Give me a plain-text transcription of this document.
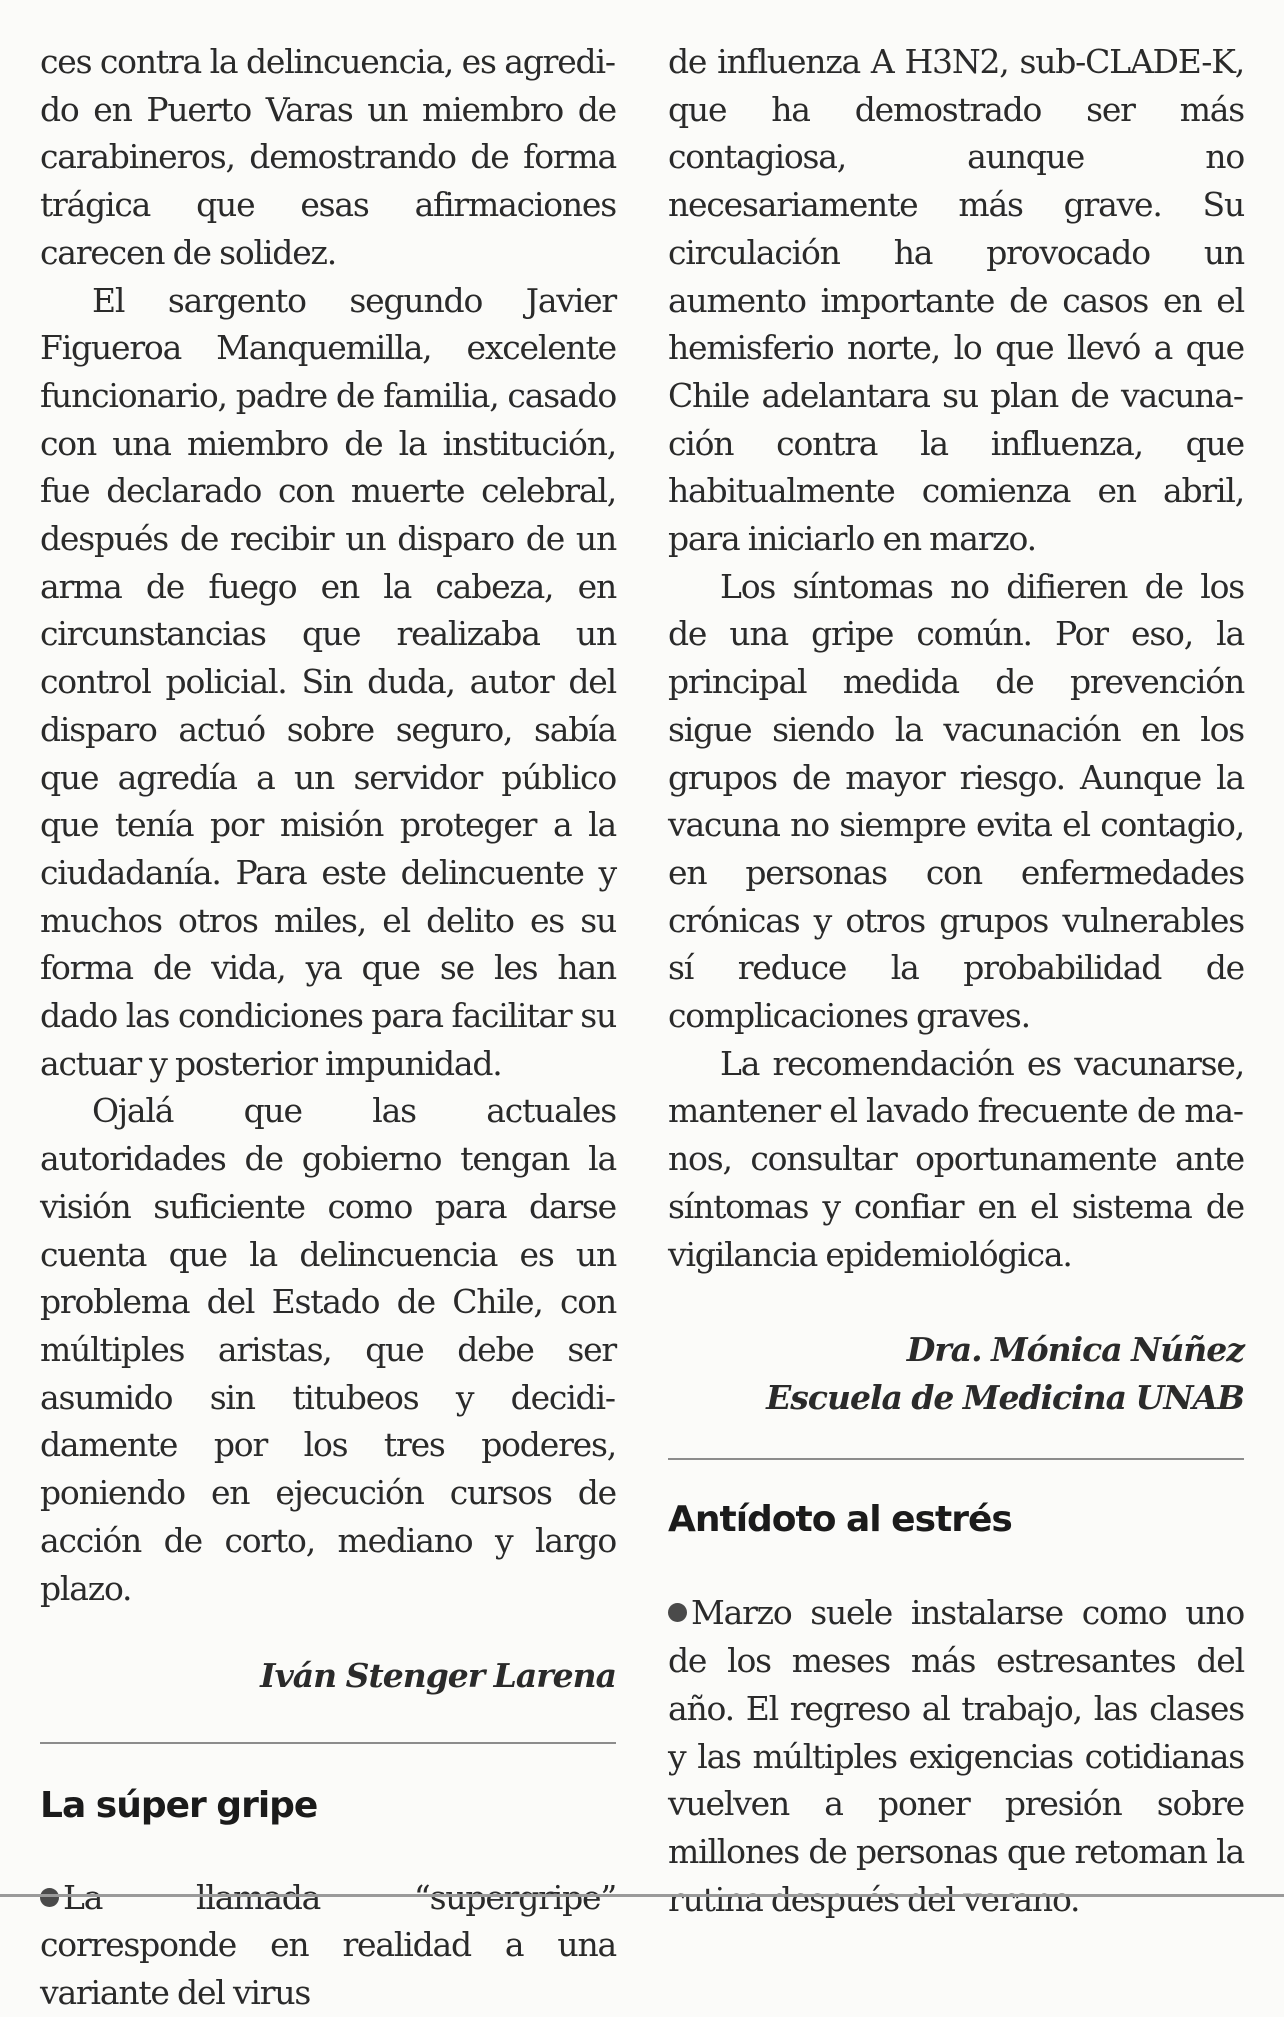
ces contra la delincuencia, es agredido en Puerto Varas un miembro de carabineros, demostrando de forma trágica que esas afirmaciones carecen de solidez.

El sargento segundo Javier Figueroa Manquemilla, excelente funcionario, padre de familia, casado con una miembro de la institución, fue declarado con muerte celebral, después de recibir un disparo de un arma de fuego en la cabeza, en circunstancias que realizaba un control policial. Sin duda, autor del disparo actuó sobre seguro, sabía que agredía a un servidor público que tenía por misión proteger a la ciudadanía. Para este delincuente y muchos otros miles, el delito es su forma de vida, ya que se les han dado las condiciones para facilitar su actuar y posterior impunidad.

Ojalá que las actuales autoridades de gobierno tengan la visión suficiente como para darse cuenta que la delincuencia es un problema del Estado de Chile, con múltiples aristas, que debe ser asumido sin titubeos y decididamente por los tres poderes, poniendo en ejecución cursos de acción de corto, mediano y largo plazo.

Iván Stenger Larena

La súper gripe

La llamada “supergripe” corresponde en realidad a una variante del virus

de influenza A H3N2, sub-CLADE-K, que ha demostrado ser más contagiosa, aunque no necesariamente más grave. Su circulación ha provocado un aumento importante de casos en el hemisferio norte, lo que llevó a que Chile adelantara su plan de vacunación contra la influenza, que habitualmente comienza en abril, para iniciarlo en marzo.

Los síntomas no difieren de los de una gripe común. Por eso, la principal medida de prevención sigue siendo la vacunación en los grupos de mayor riesgo. Aunque la vacuna no siempre evita el contagio, en personas con enfermedades crónicas y otros grupos vulnerables sí reduce la probabilidad de complicaciones graves.

La recomendación es vacunarse, mantener el lavado frecuente de manos, consultar oportunamente ante síntomas y confiar en el sistema de vigilancia epidemiológica.

Dra. Mónica Núñez

Escuela de Medicina UNAB

Antídoto al estrés

Marzo suele instalarse como uno de los meses más estresantes del año. El regreso al trabajo, las clases y las múltiples exigencias cotidianas vuelven a poner presión sobre millones de personas que retoman la rutina después del verano.
